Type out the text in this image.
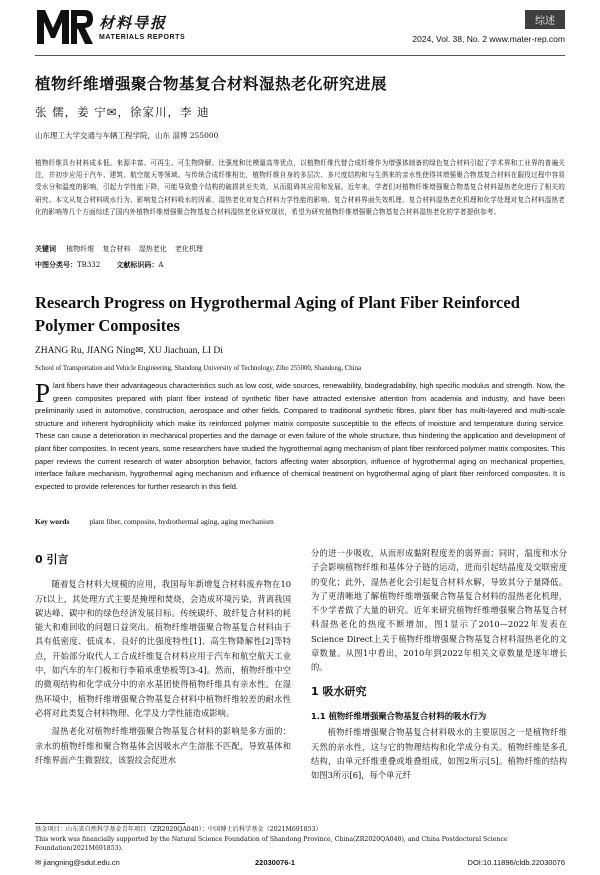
材料导报
MATERIALS REPORTS
综述
2024, Vol. 38, No. 2 www.mater-rep.com
植物纤维增强聚合物基复合材料湿热老化研究进展
张 儒，姜 宁✉，徐家川，李 迪
山东理工大学交通与车辆工程学院，山东 淄博 255000
植物纤维具有材料成本低、来源丰富、可再生、可生物降解、比强度和比模量高等优点，以植物纤维代替合成纤维作为增强体制备的绿色复合材料引起了学术界和工业界的普遍关注，并初步应用于汽车、建筑、航空航天等领域。与传统合成纤维相比，植物纤维自身的多层次、多尺度结构和与生俱来的亲水性使得其增强聚合物基复合材料在服役过程中容易受水分和温度的影响，引起力学性能下降，可能导致整个结构的破损甚至失效，从而阻碍其应用和发展。近年来，学者们对植物纤维增强聚合物基复合材料湿热老化进行了相关的研究。本文从复合材料吸水行为、影响复合材料吸水的因素、湿热老化对复合材料力学性能的影响、复合材料界面失效机理、复合材料湿热老化机理和化学处理对复合材料湿热老化的影响等几个方面综述了国内外植物纤维增强聚合物基复合材料湿热老化研究现状，希望为研究植物纤维增强聚合物基复合材料湿热老化的学者提供参考。
关键词 植物纤维 复合材料 湿热老化 老化机理
中图分类号：TB332 文献标识码：A
Research Progress on Hygrothermal Aging of Plant Fiber Reinforced Polymer Composites
ZHANG Ru, JIANG Ning✉, XU Jiachuan, LI Di
School of Transportation and Vehicle Engineering, Shandong University of Technology, Zibo 255000, Shandong, China
Plant fibers have their advantageous characteristics such as low cost, wide sources, renewability, biodegradability, high specific modulus and strength. Now, the green composites prepared with plant fiber instead of synthetic fiber have attracted extensive attention from academia and industry, and have been preliminarily used in automotive, construction, aerospace and other fields. Compared to traditional synthetic fibres, plant fiber has multi-layered and multi-scale structure and inherent hydrophilicity which make its reinforced polymer matrix composite susceptible to the effects of moisture and temperature during service. These can cause a deterioration in mechanical properties and the damage or even failure of the whole structure, thus hindering the application and development of plant fiber composites. In recent years, some researchers have studied the hygrothermal aging mechanism of plant fiber reinforced polymer matrix composites. This paper reviews the current research of water absorption behavior, factors affecting water absorption, influence of hygrothermal aging on mechanical properties, interface failure mechanism, hygrothermal aging mechanism and influence of chemical treatment on hygrothermal aging of plant fiber reinforced composites. It is expected to provide references for further research in this field.
Key words	plant fiber, composite, hydrothermal aging, aging mechanism
0 引言

随着复合材料大规模的应用，我国每年新增复合材料废弃物在10万t以上，其处理方式主要是掩埋和焚烧，会造成环境污染，背离我国碳达峰、碳中和的绿色经济发展目标。传统碳纤、玻纤复合材料的耗能大和难回收的问题日益突出。植物纤维增强聚合物基复合材料由于具有低密度、低成本、良好的比强度特性[1]、高生物降解性[2]等特点，开始部分取代人工合成纤维复合材料应用于汽车和航空航天工业中，如汽车的车门板和行李箱承重垫板等[3-4]。然而，植物纤维中空的微观结构和化学成分中的亲水基团使得植物纤维具有亲水性。在湿热环境中，植物纤维增强聚合物基复合材料中植物纤维较差的耐水性必将对此类复合材料物理、化学及力学性能造成影响。

湿热老化对植物纤维增强聚合物基复合材料的影响是多方面的：亲水的植物纤维和聚合物基体会因吸水产生溶胀不匹配，导致基体和纤维界面产生微裂纹，该裂纹会促进水

分的进一步吸收，从而形成黏附程度差的弱界面；同时，温度和水分子会影响植物纤维和基体分子链的运动，进而引起结晶度及交联密度的变化；此外，湿热老化会引起复合材料水解，导致其分子量降低。为了更清晰地了解植物纤维增强聚合物基复合材料的湿热老化机理，不少学者做了大量的研究。近年来研究植物纤维增强聚合物基复合材料湿热老化的热度不断增加，图1显示了2010—2022年发表在Science Direct上关于植物纤维增强聚合物基复合材料湿热老化的文章数量。从图1中看出，2010年到2022年相关文章数量是逐年增长的。

1 吸水研究
1.1 植物纤维增强聚合物基复合材料的吸水行为

植物纤维增强聚合物基复合材料吸水的主要原因之一是植物纤维天然的亲水性，这与它的物理结构和化学成分有关。植物纤维是多孔结构，由单元纤维重叠或堆叠组成，如图2所示[5]。植物纤维的结构如图3所示[6]，每个单元纤

基金项目：山东省自然科学基金青年项目（ZR2020QA040）；中国博士后科学基金（2021M691853）
This work was financially supported by the Natural Science Foundation of Shandong Province, China(ZR2020QA040), and China Postdoctoral Science Foundation(2021M691853).
✉ jiangning@sdut.edu.cn	22030076-1	DOI:10.11896/cldb.22030076
